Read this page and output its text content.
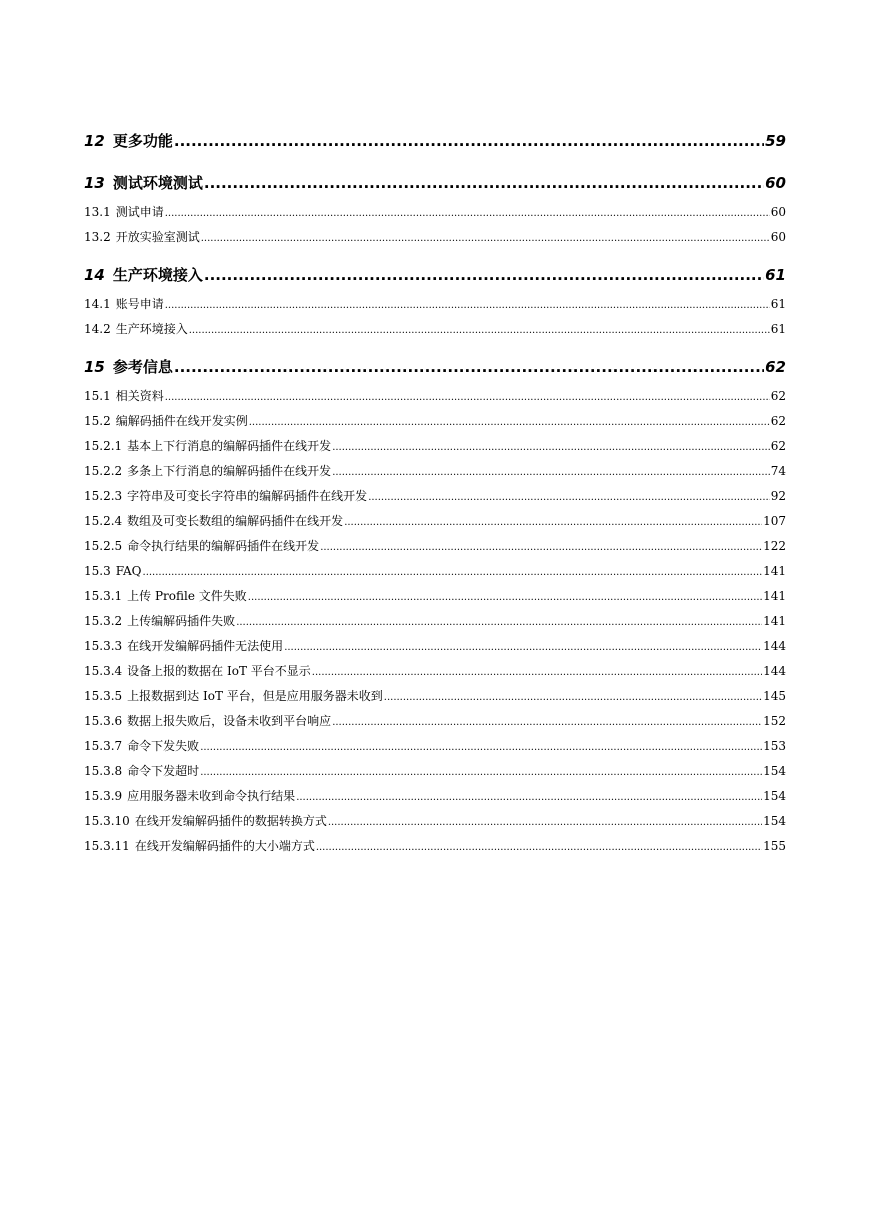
12 更多功能 .....	59
13 测试环境测试 .....	60
13.1 测试申请 .....	60
13.2 开放实验室测试 .....	60
14 生产环境接入 .....	61
14.1 账号申请 .....	61
14.2 生产环境接入 .....	61
15 参考信息 .....	62
15.1 相关资料 .....	62
15.2 编解码插件在线开发实例 .....	62
15.2.1 基本上下行消息的编解码插件在线开发 .....	62
15.2.2 多条上下行消息的编解码插件在线开发 .....	74
15.2.3 字符串及可变长字符串的编解码插件在线开发 .....	92
15.2.4 数组及可变长数组的编解码插件在线开发 .....	107
15.2.5 命令执行结果的编解码插件在线开发 .....	122
15.3 FAQ .....	141
15.3.1 上传 Profile 文件失败 .....	141
15.3.2 上传编解码插件失败 .....	141
15.3.3 在线开发编解码插件无法使用 .....	144
15.3.4 设备上报的数据在 IoT 平台不显示 .....	144
15.3.5 上报数据到达 IoT 平台，但是应用服务器未收到 .....	145
15.3.6 数据上报失败后，设备未收到平台响应 .....	152
15.3.7 命令下发失败 .....	153
15.3.8 命令下发超时 .....	154
15.3.9 应用服务器未收到命令执行结果 .....	154
15.3.10 在线开发编解码插件的数据转换方式 .....	154
15.3.11 在线开发编解码插件的大小端方式 .....	155
